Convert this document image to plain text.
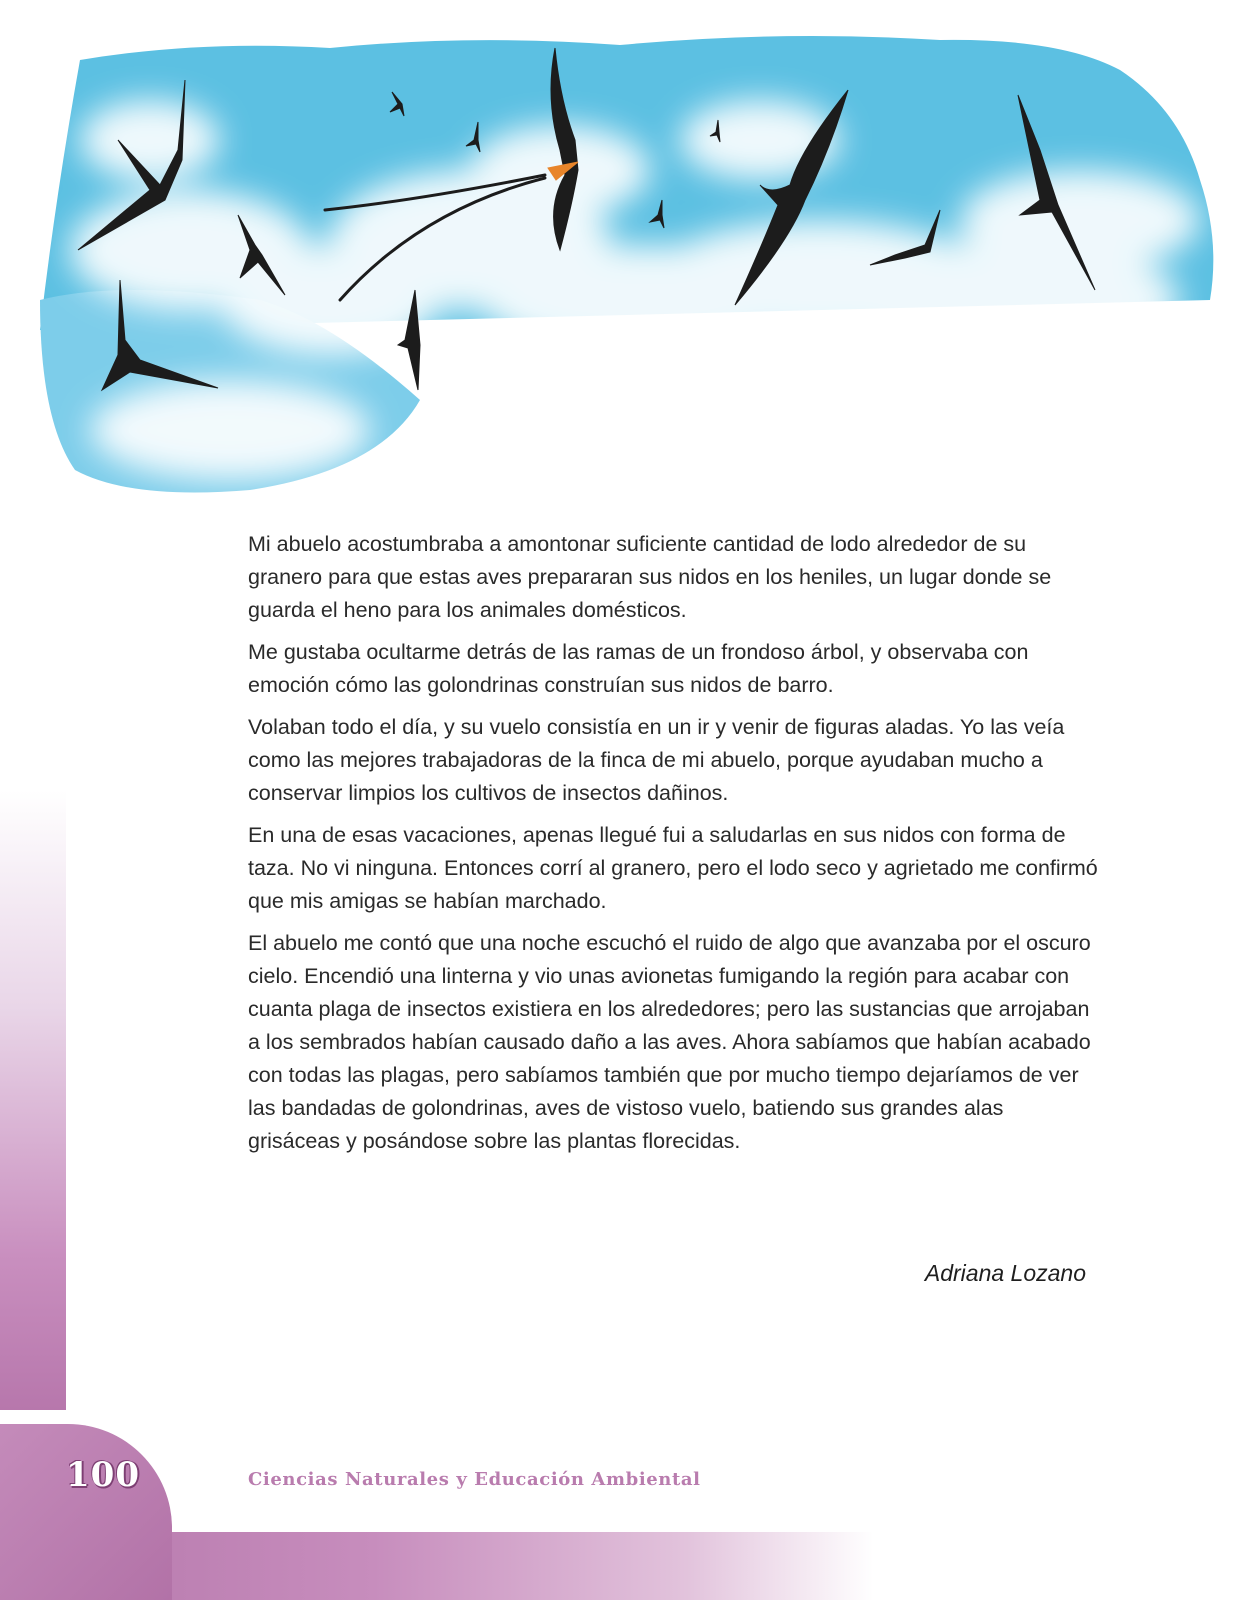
Mi abuelo acostumbraba a amontonar suficiente cantidad de lodo alrededor de su granero para que estas aves prepararan sus nidos en los heniles, un lugar donde se guarda el heno para los animales domésticos.

Me gustaba ocultarme detrás de las ramas de un frondoso árbol, y observaba con emoción cómo las golondrinas construían sus nidos de barro.

Volaban todo el día, y su vuelo consistía en un ir y venir de figuras aladas. Yo las veía como las mejores trabajadoras de la finca de mi abuelo, porque ayudaban mucho a conservar limpios los cultivos de insectos dañinos.

En una de esas vacaciones, apenas llegué fui a saludarlas en sus nidos con forma de taza. No vi ninguna. Entonces corrí al granero, pero el lodo seco y agrietado me confirmó que mis amigas se habían marchado.

El abuelo me contó que una noche escuchó el ruido de algo que avanzaba por el oscuro cielo. Encendió una linterna y vio unas avionetas fumigando la región para acabar con cuanta plaga de insectos existiera en los alrededores; pero las sustancias que arrojaban a los sembrados habían causado daño a las aves. Ahora sabíamos que habían acabado con todas las plagas, pero sabíamos también que por mucho tiempo dejaríamos de ver las bandadas de golondrinas, aves de vistoso vuelo, batiendo sus grandes alas grisáceas y posándose sobre las plantas florecidas.

Adriana Lozano
100	Ciencias Naturales y Educación Ambiental
